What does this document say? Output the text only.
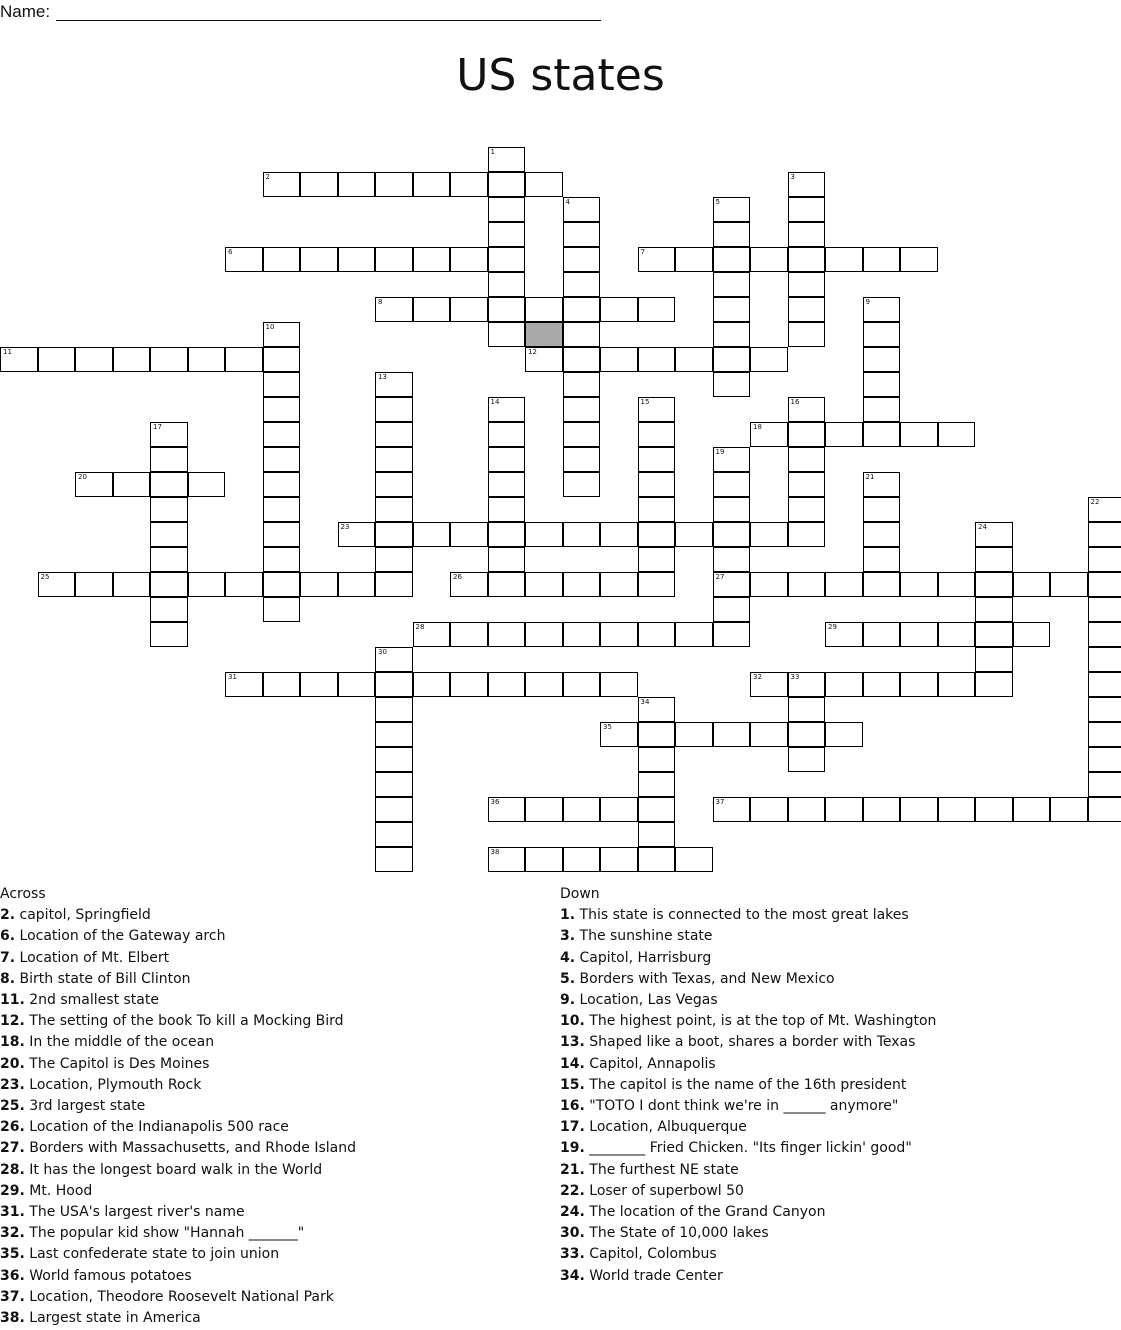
Name:
US states
1
2	3
4	5
6	7
8	9
10
11	12
13
14	15	16
17	18
19
27
20	21
22
23	24
25	26
28	29
30
31	32	33
34
35
36	37
38
Across
2. capitol, Springfield
6. Location of the Gateway arch
7. Location of Mt. Elbert
8. Birth state of Bill Clinton
11. 2nd smallest state
12. The setting of the book To kill a Mocking Bird
18. In the middle of the ocean
20. The Capitol is Des Moines
23. Location, Plymouth Rock
25. 3rd largest state
26. Location of the Indianapolis 500 race
27. Borders with Massachusetts, and Rhode Island
28. It has the longest board walk in the World
29. Mt. Hood
31. The USA's largest river's name
32. The popular kid show "Hannah _______"
35. Last confederate state to join union
36. World famous potatoes
37. Location, Theodore Roosevelt National Park
38. Largest state in America
Down
1. This state is connected to the most great lakes
3. The sunshine state
4. Capitol, Harrisburg
5. Borders with Texas, and New Mexico
9. Location, Las Vegas
10. The highest point, is at the top of Mt. Washington
13. Shaped like a boot, shares a border with Texas
14. Capitol, Annapolis
15. The capitol is the name of the 16th president
16. "TOTO I dont think we're in ______ anymore"
17. Location, Albuquerque
19. ________ Fried Chicken. "Its finger lickin' good"
21. The furthest NE state
22. Loser of superbowl 50
24. The location of the Grand Canyon
30. The State of 10,000 lakes
33. Capitol, Colombus
34. World trade Center
